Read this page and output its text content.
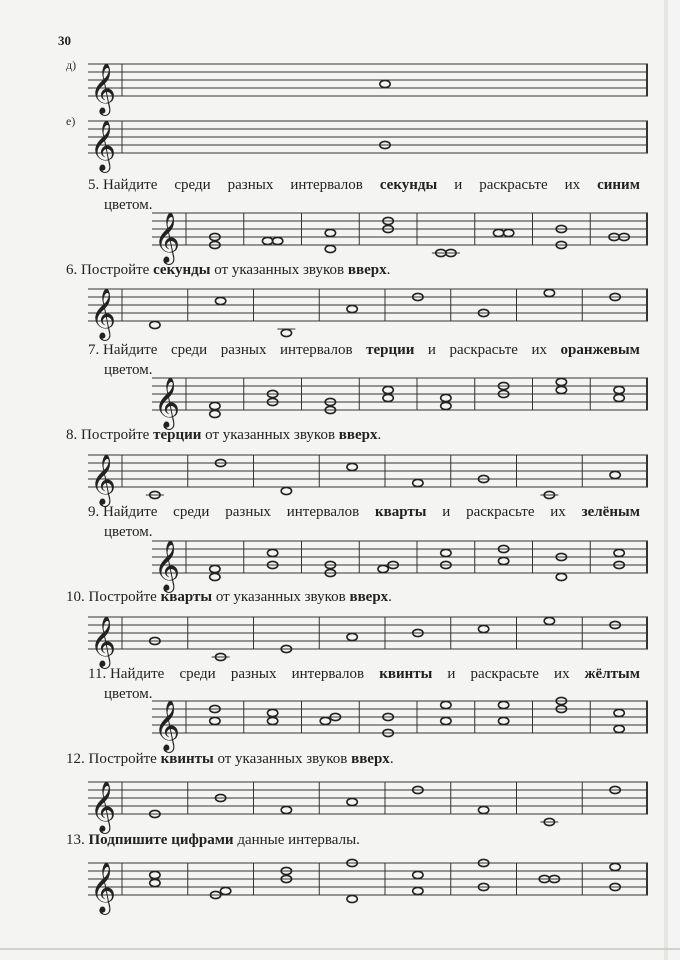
30
д)
е)
5. Найдите среди разных интервалов секунды и раскрасьте их синим
цветом.
6. Постройте секунды от указанных звуков вверх.
7. Найдите среди разных интервалов терции и раскрасьте их оранжевым
цветом.
8. Постройте терции от указанных звуков вверх.
9. Найдите среди разных интервалов кварты и раскрасьте их зелёным
цветом.
10. Постройте кварты от указанных звуков вверх.
11. Найдите среди разных интервалов квинты и раскрасьте их жёлтым
цветом.
12. Постройте квинты от указанных звуков вверх.
13. Подпишите цифрами данные интервалы.
𝄞
𝄞
𝄞
𝄞
𝄞
𝄞
𝄞
𝄞
𝄞
𝄞
𝄞
